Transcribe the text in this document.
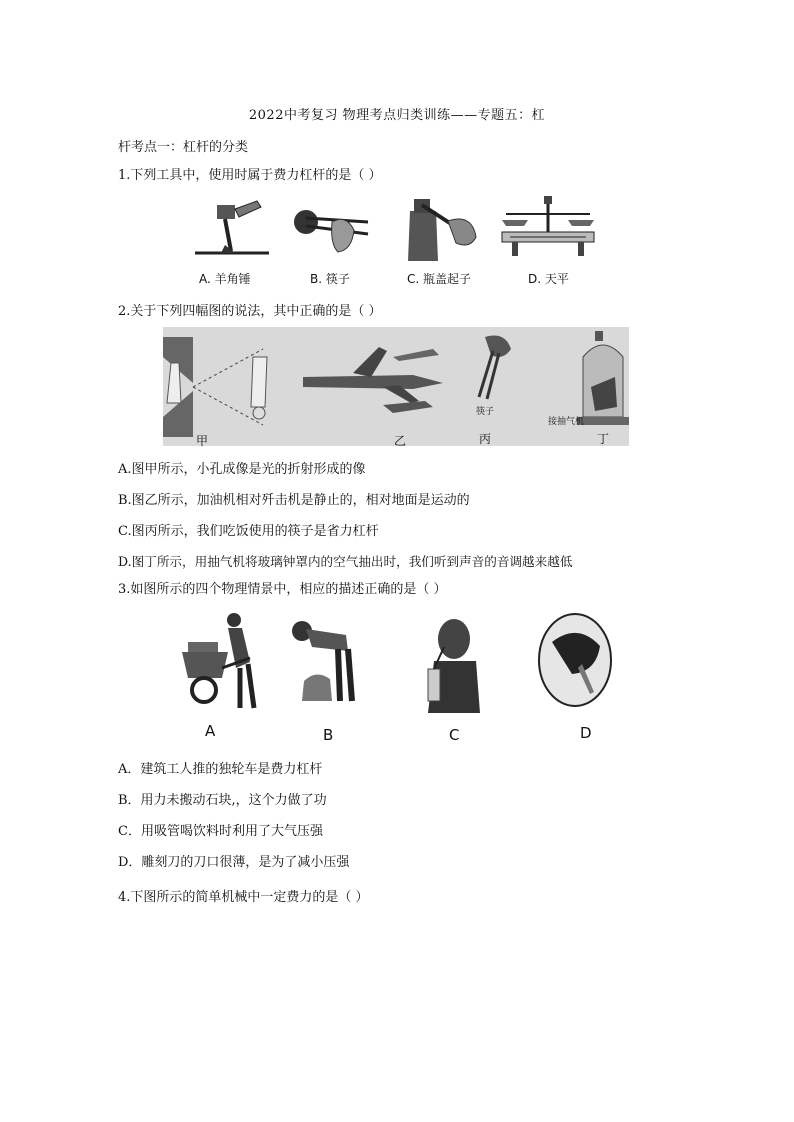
2022中考复习 物理考点归类训练——专题五：杠
杆考点一：杠杆的分类
1.下列工具中，使用时属于费力杠杆的是（ ）
A. 羊角锤	B. 筷子	C. 瓶盖起子	D. 天平
2.关于下列四幅图的说法，其中正确的是（ ）
甲	乙	丙	丁
筷子
接抽气机
A.图甲所示，小孔成像是光的折射形成的像
B.图乙所示，加油机相对歼击机是静止的，相对地面是运动的
C.图丙所示，我们吃饭使用的筷子是省力杠杆
D.图丁所示，用抽气机将玻璃钟罩内的空气抽出时，我们听到声音的音调越来越低
3.如图所示的四个物理情景中，相应的描述正确的是（ ）
A	B	C	D
A．建筑工人推的独轮车是费力杠杆
B．用力未搬动石块,，这个力做了功
C．用吸管喝饮料时利用了大气压强
D．雕刻刀的刀口很薄，是为了减小压强
4.下图所示的简单机械中一定费力的是（ ）
